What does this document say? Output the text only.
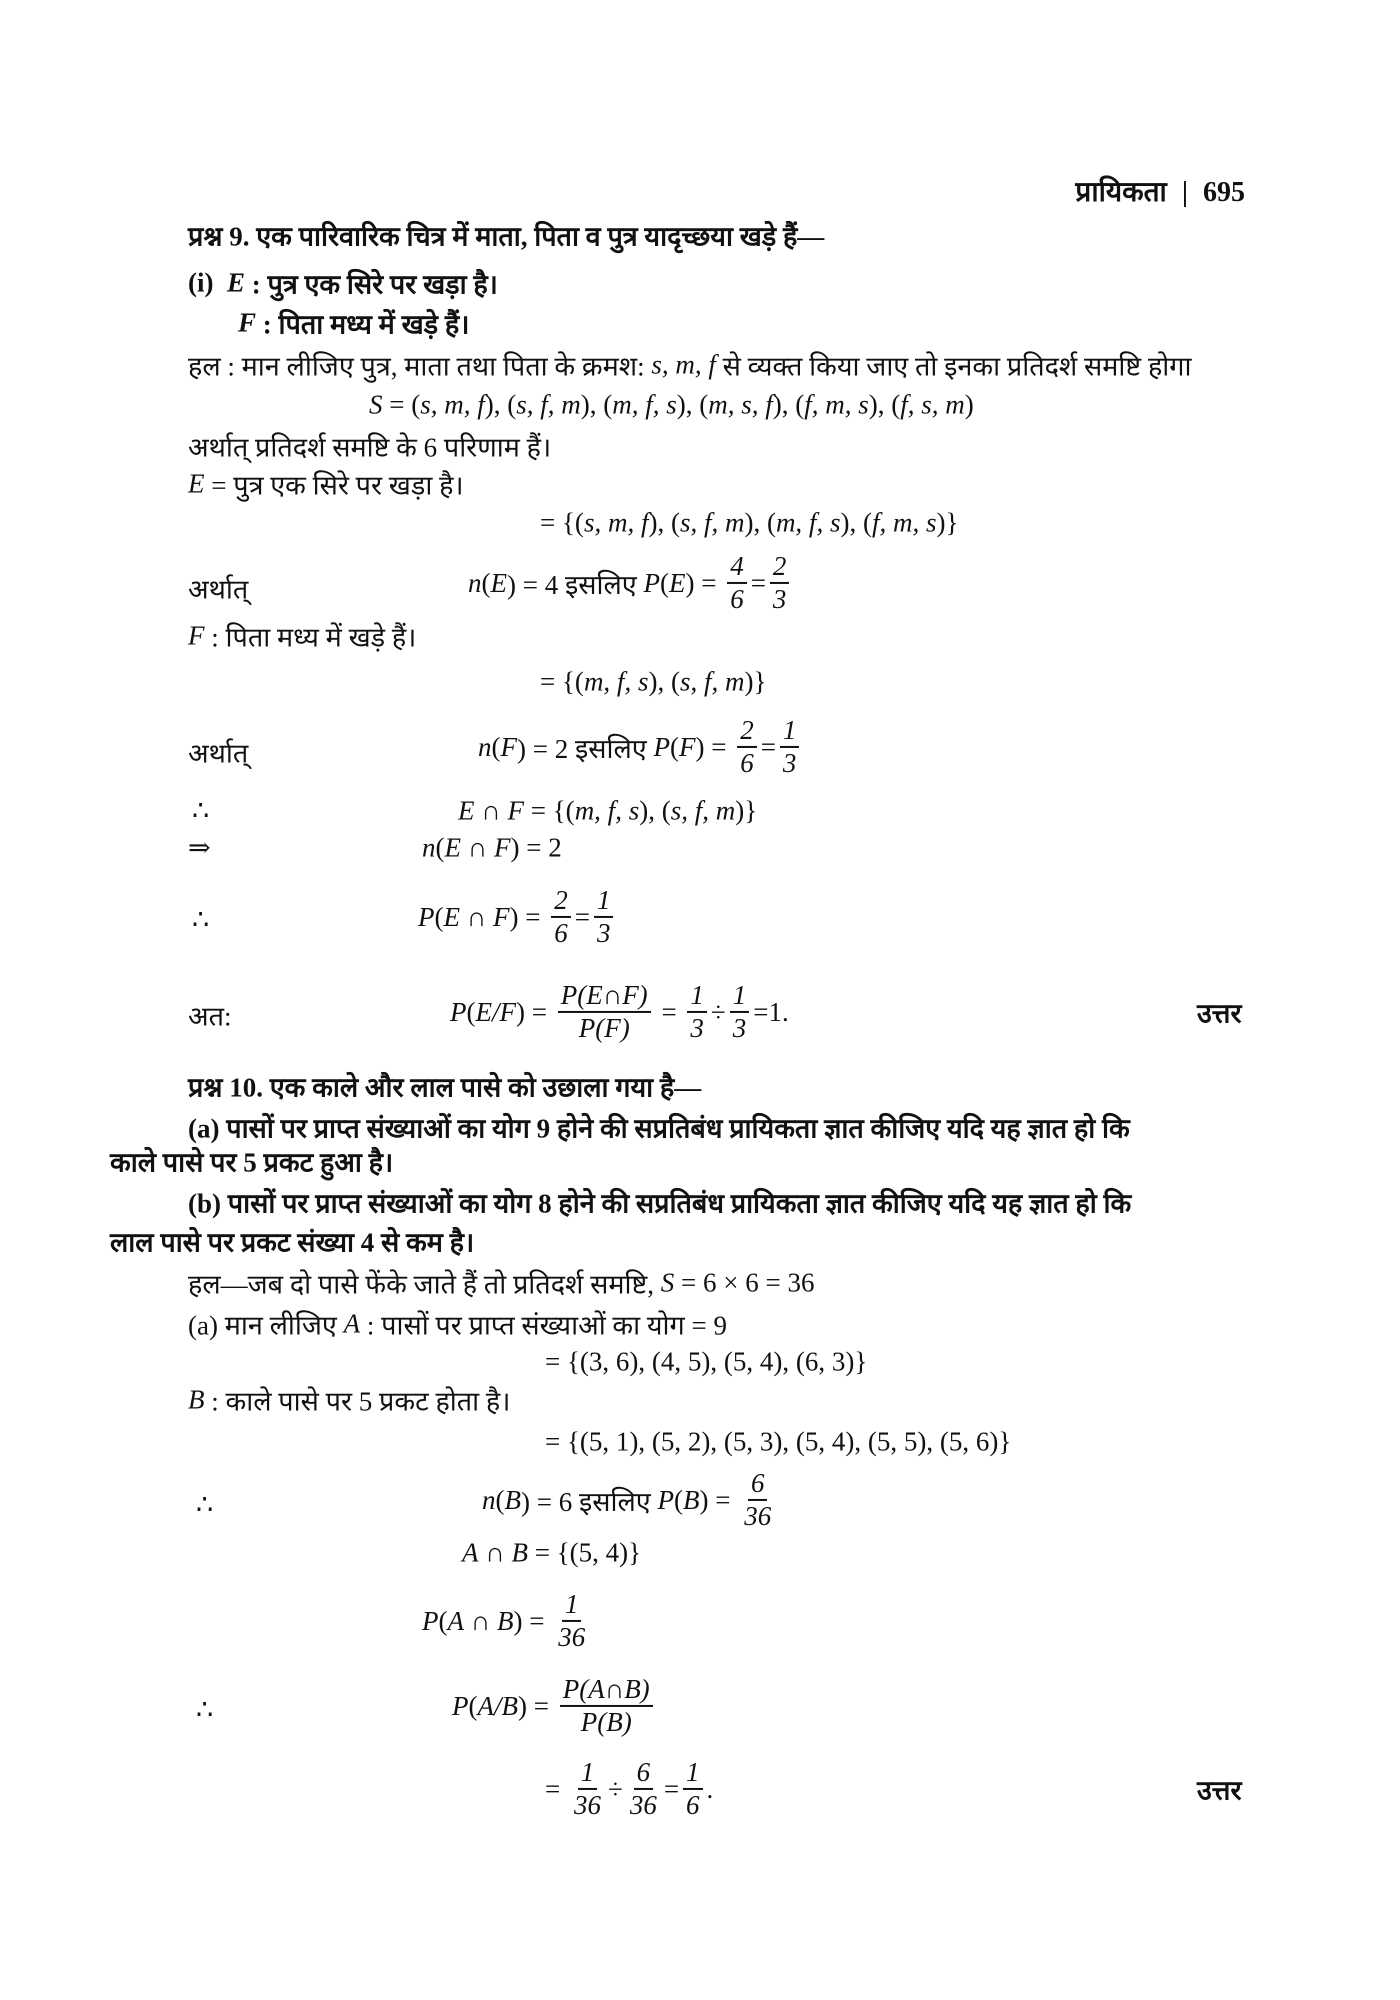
प्रायिकता | 695
प्रश्न 9. एक पारिवारिक चित्र में माता, पिता व पुत्र यादृच्छया खड़े हैं—
(i) E : पुत्र एक सिरे पर खड़ा है।
F : पिता मध्य में खड़े हैं।
हल : मान लीजिए पुत्र, माता तथा पिता के क्रमश: s, m, f से व्यक्त किया जाए तो इनका प्रतिदर्श समष्टि होगा
S = ( s, m, f ), ( s, f, m ), ( m, f, s ), ( m, s, f ), ( f, m, s ), ( f, s, m )
अर्थात् प्रतिदर्श समष्टि के 6 परिणाम हैं।
E = पुत्र एक सिरे पर खड़ा है।
= {( s, m, f ), ( s, f, m ), ( m, f, s ), ( f, m, s )}
अर्थात्	n ( E ) = 4 इसलिए P ( E ) = $\frac{4}{6} = \frac{2}{3}$
F : पिता मध्य में खड़े हैं।
= {( m, f, s ), ( s, f, m )}
अर्थात्	n ( F ) = 2 इसलिए P ( F ) = $\frac{2}{6} = \frac{1}{3}$
∴	E ∩ F = {( m, f, s ), ( s, f, m )}
⇒	n ( E ∩ F ) = 2
∴	P ( E ∩ F ) = $\frac{2}{6} = \frac{1}{3}$
अत:	P ( E/F ) = $\frac{P(E\cap F)}{P(F)} = \frac{1}{3} \div \frac{1}{3} =1$.	उत्तर
प्रश्न 10. एक काले और लाल पासे को उछाला गया है—
(a) पासों पर प्राप्त संख्याओं का योग 9 होने की सप्रतिबंध प्रायिकता ज्ञात कीजिए यदि यह ज्ञात हो कि
काले पासे पर 5 प्रकट हुआ है।
(b) पासों पर प्राप्त संख्याओं का योग 8 होने की सप्रतिबंध प्रायिकता ज्ञात कीजिए यदि यह ज्ञात हो कि
लाल पासे पर प्रकट संख्या 4 से कम है।
हल—जब दो पासे फेंके जाते हैं तो प्रतिदर्श समष्टि, S = 6 × 6 = 36
(a) मान लीजिए A : पासों पर प्राप्त संख्याओं का योग = 9
= {(3, 6), (4, 5), (5, 4), (6, 3)}
B : काले पासे पर 5 प्रकट होता है।
= {(5, 1), (5, 2), (5, 3), (5, 4), (5, 5), (5, 6)}
∴	n ( B ) = 6 इसलिए P ( B ) = $\frac{6}{36}$
A ∩ B = {(5, 4)}
P ( A ∩ B ) = $\frac{1}{36}$
∴	P ( A/B ) = $\frac{P(A\cap B)}{P(B)}$
= $\frac{1}{36} \div \frac{6}{36} = \frac{1}{6}$ .	उत्तर
